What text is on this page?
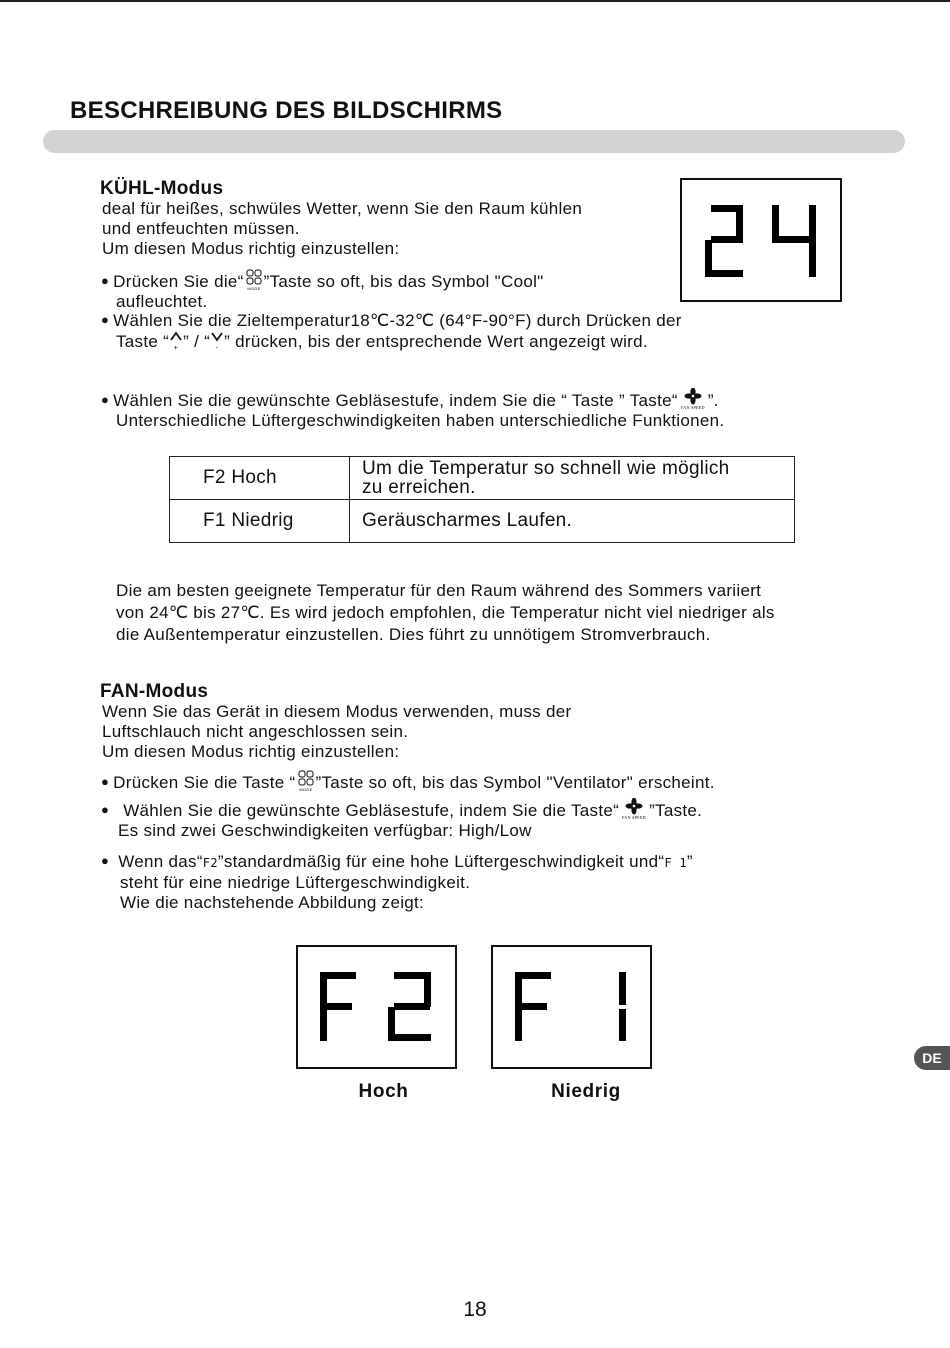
BESCHREIBUNG DES BILDSCHIRMS
KÜHL-Modus
deal für heißes, schwüles Wetter, wenn Sie den Raum kühlen
und entfeuchten müssen.
Um diesen Modus richtig einzustellen:
● Drücken Sie die“ MODE ”Taste so oft, bis das Symbol "Cool"
aufleuchtet.
● Wählen Sie die Zieltemperatur18℃-32℃ (64°F-90°F) durch Drücken der
Taste “ + ” / “ - ” drücken, bis der entsprechende Wert angezeigt wird.
● Wählen Sie die gewünschte Gebläsestufe, indem Sie die “ Taste ” Taste“ FAN SPEED ”.
Unterschiedliche Lüftergeschwindigkeiten haben unterschiedliche Funktionen.
F2 Hoch	Um die Temperatur so schnell wie möglich
zu erreichen.

F1 Niedrig	Geräuscharmes Laufen.
Die am besten geeignete Temperatur für den Raum während des Sommers variiert
von 24℃ bis 27℃. Es wird jedoch empfohlen, die Temperatur nicht viel niedriger als
die Außentemperatur einzustellen. Dies führt zu unnötigem Stromverbrauch.
FAN-Modus
Wenn Sie das Gerät in diesem Modus verwenden, muss der
Luftschlauch nicht angeschlossen sein.
Um diesen Modus richtig einzustellen:
● Drücken Sie die Taste “ MODE ”Taste so oft, bis das Symbol "Ventilator" erscheint.
● Wählen Sie die gewünschte Gebläsestufe, indem Sie die Taste“ FAN SPEED ”Taste.
Es sind zwei Geschwindigkeiten verfügbar: High/Low
● Wenn das“F2”standardmäßig für eine hohe Lüftergeschwindigkeit und“F 1”
steht für eine niedrige Lüftergeschwindigkeit.
Wie die nachstehende Abbildung zeigt:
Hoch	Niedrig
DE
18
